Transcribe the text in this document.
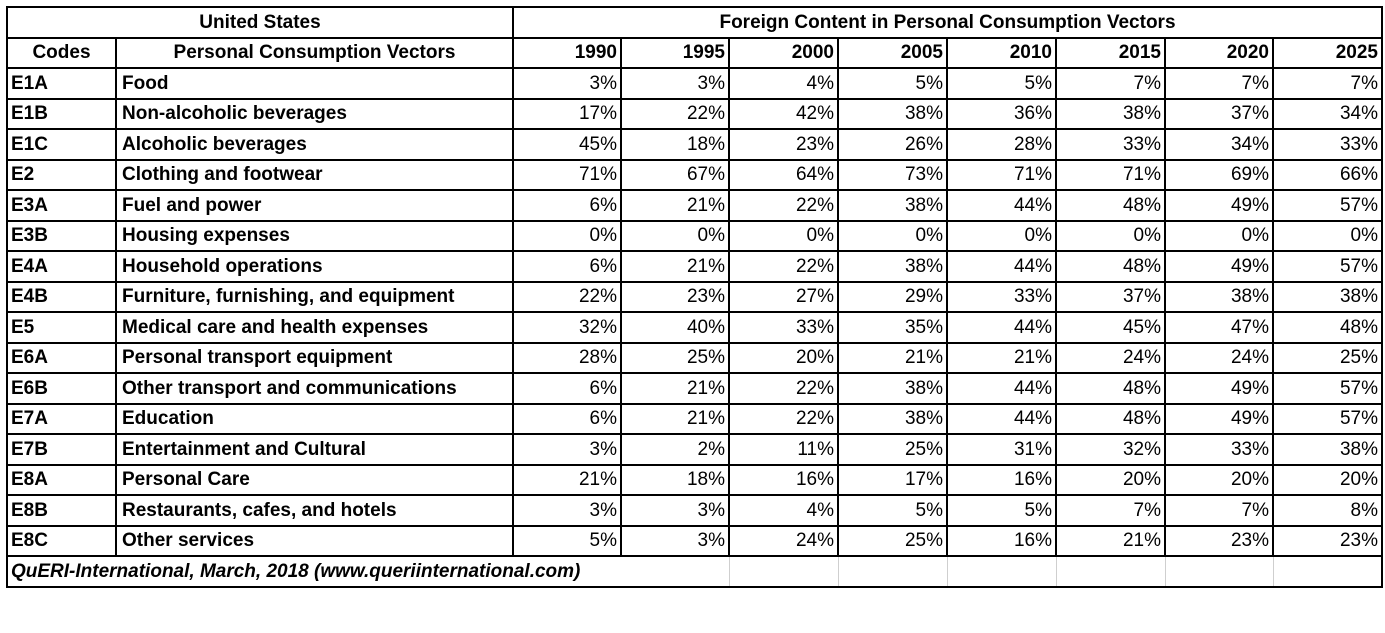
United States		Foreign Content in Personal Consumption Vectors							
Codes	Personal Consumption Vectors	1990	1995	2000	2005	2010	2015	2020	2025
E1A	Food	3%	3%	4%	5%	5%	7%	7%	7%
E1B	Non-alcoholic beverages	17%	22%	42%	38%	36%	38%	37%	34%
E1C	Alcoholic beverages	45%	18%	23%	26%	28%	33%	34%	33%
E2	Clothing and footwear	71%	67%	64%	73%	71%	71%	69%	66%
E3A	Fuel and power	6%	21%	22%	38%	44%	48%	49%	57%
E3B	Housing expenses	0%	0%	0%	0%	0%	0%	0%	0%
E4A	Household operations	6%	21%	22%	38%	44%	48%	49%	57%
E4B	Furniture, furnishing, and equipment	22%	23%	27%	29%	33%	37%	38%	38%
E5	Medical care and health expenses	32%	40%	33%	35%	44%	45%	47%	48%
E6A	Personal transport equipment	28%	25%	20%	21%	21%	24%	24%	25%
E6B	Other transport and communications	6%	21%	22%	38%	44%	48%	49%	57%
E7A	Education	6%	21%	22%	38%	44%	48%	49%	57%
E7B	Entertainment and Cultural	3%	2%	11%	25%	31%	32%	33%	38%
E8A	Personal Care	21%	18%	16%	17%	16%	20%	20%	20%
E8B	Restaurants, cafes, and hotels	3%	3%	4%	5%	5%	7%	7%	8%
E8C	Other services	5%	3%	24%	25%	16%	21%	23%	23%
QuERI-International, March, 2018 (www.queriinternational.com)									
